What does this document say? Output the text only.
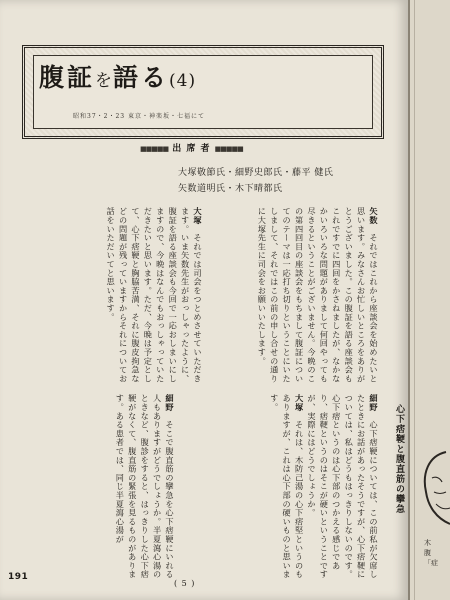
腹証を語る(4)
昭和37・2・23 東京・神楽坂・七福にて
■■■■■ 出 席 者 ■■■■■
大塚敬節氏・細野史郎氏・藤平 健氏
矢数道明氏・木下晴都氏
矢数　それではこれから座談会を始めたいと思います。みなさんお忙しいところをありがとうございました。この腹証を語る座談会もこれですでに四回をかさねましたが、なかなかいろいろな問題がありまして何回やっても尽きるということがございません。今晩のこの第四回目の座談会をもちまして腹証についてのテーマは一応打ち切りということにいたしまして、それではこの前の申し合せの通りに大塚先生に司会をお願いいたします。
大塚　それでは司会をつとめさせていただきます。いま矢数先生がおっしゃったように、腹証を語る座談会も今回で一応おしまいにしますので、今晩はなんでもおっしゃっていただきたいと思います。ただ、今晩は予定として、心下痞鞕と胸脇苦満、それに腹皮拘急などの問題が残っていますからそれについてお話をいただいてと思います。
細野　心下痞鞕については、この前私が欠席したときにお話があったそうですが、心下痞鞕については、私はどうもはっきりしないのです。心下痞というのは心下部のつかえる感じであり、痞鞕というのはそこが硬いということですが、実際にはどうでしょうか。
大塚　それは、木防己湯の心下痞堅というのもありますが、これは心下部の硬いものと思います。
細野　そこで腹直筋の攣急を心下痞鞕にいれる人もありますがどうでしょうか。半夏瀉心湯のときなど、腹診をすると、はっきりした心下痞鞕がなくて、腹直筋の緊張を見るものがあります。ある患者では、同じ半夏瀉心湯が	心下痞鞕と腹直筋の攣急
191
( 5 )
木
腹
「症
